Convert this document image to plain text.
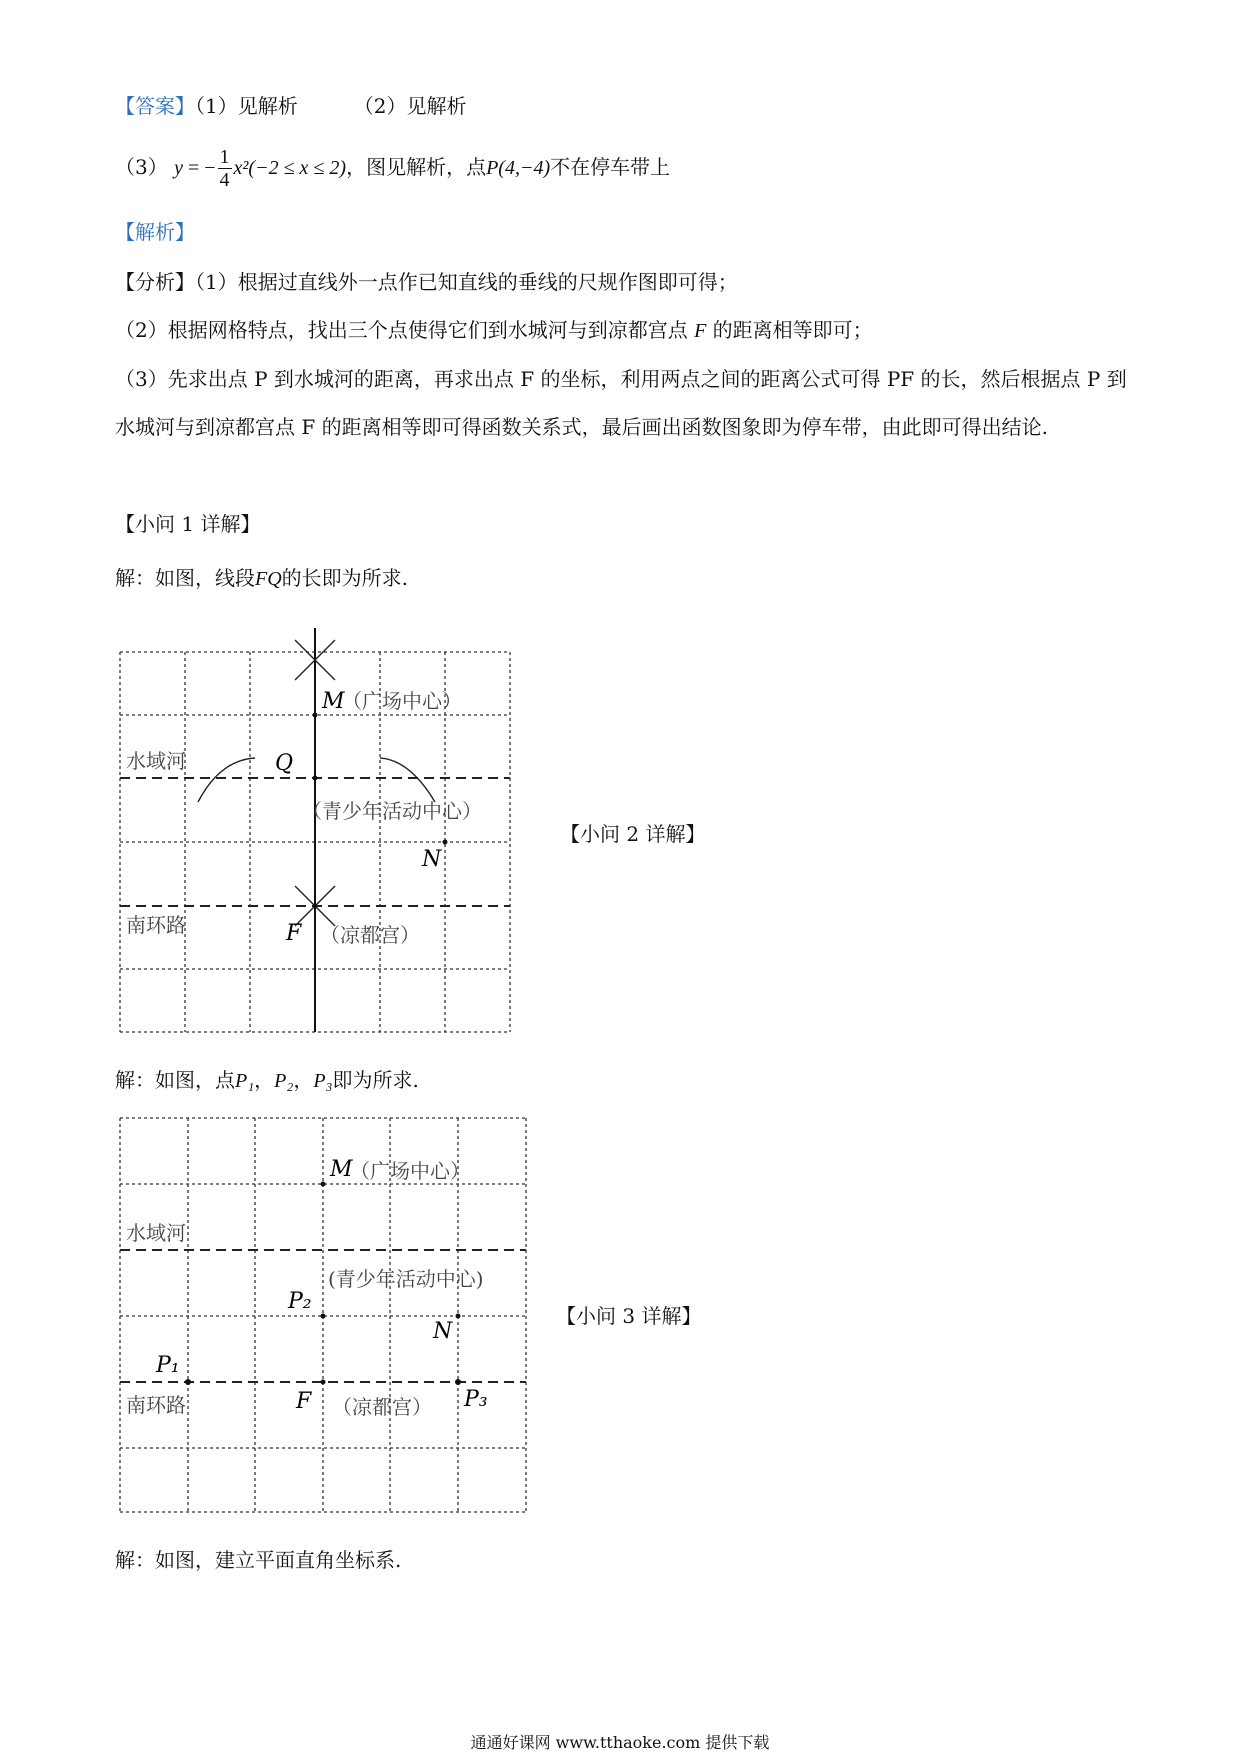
【答案】（1）见解析	（2）见解析
（3） y = − $\frac{1}{4} x^2(-2 \le x \le 2)$，图见解析，点P(4,−4)不在停车带上
【解析】
【分析】（1）根据过直线外一点作已知直线的垂线的尺规作图即可得；
（2）根据网格特点，找出三个点使得它们到水城河与到凉都宫点 F 的距离相等即可；
（3）先求出点 P 到水城河的距离，再求出点 F 的坐标，利用两点之间的距离公式可得 PF 的长，然后根据点 P 到水城河与到凉都宫点 F 的距离相等即可得函数关系式，最后画出函数图象即为停车带，由此即可得出结论.
【小问 1 详解】
解：如图，线段FQ的长即为所求.
M
（广场中心）
水域河	Q
（青少年活动中心）
N
南环路	F （凉都宫）
【小问 2 详解】
解：如图，点P₁，P₂，P₃即为所求.
M
（广场中心）
水域河
P₂
(青少年活动中心)
N
P₁
南环路	F （凉都宫） P₃
【小问 3 详解】
解：如图，建立平面直角坐标系.
通通好课网 www.tthaoke.com 提供下载
